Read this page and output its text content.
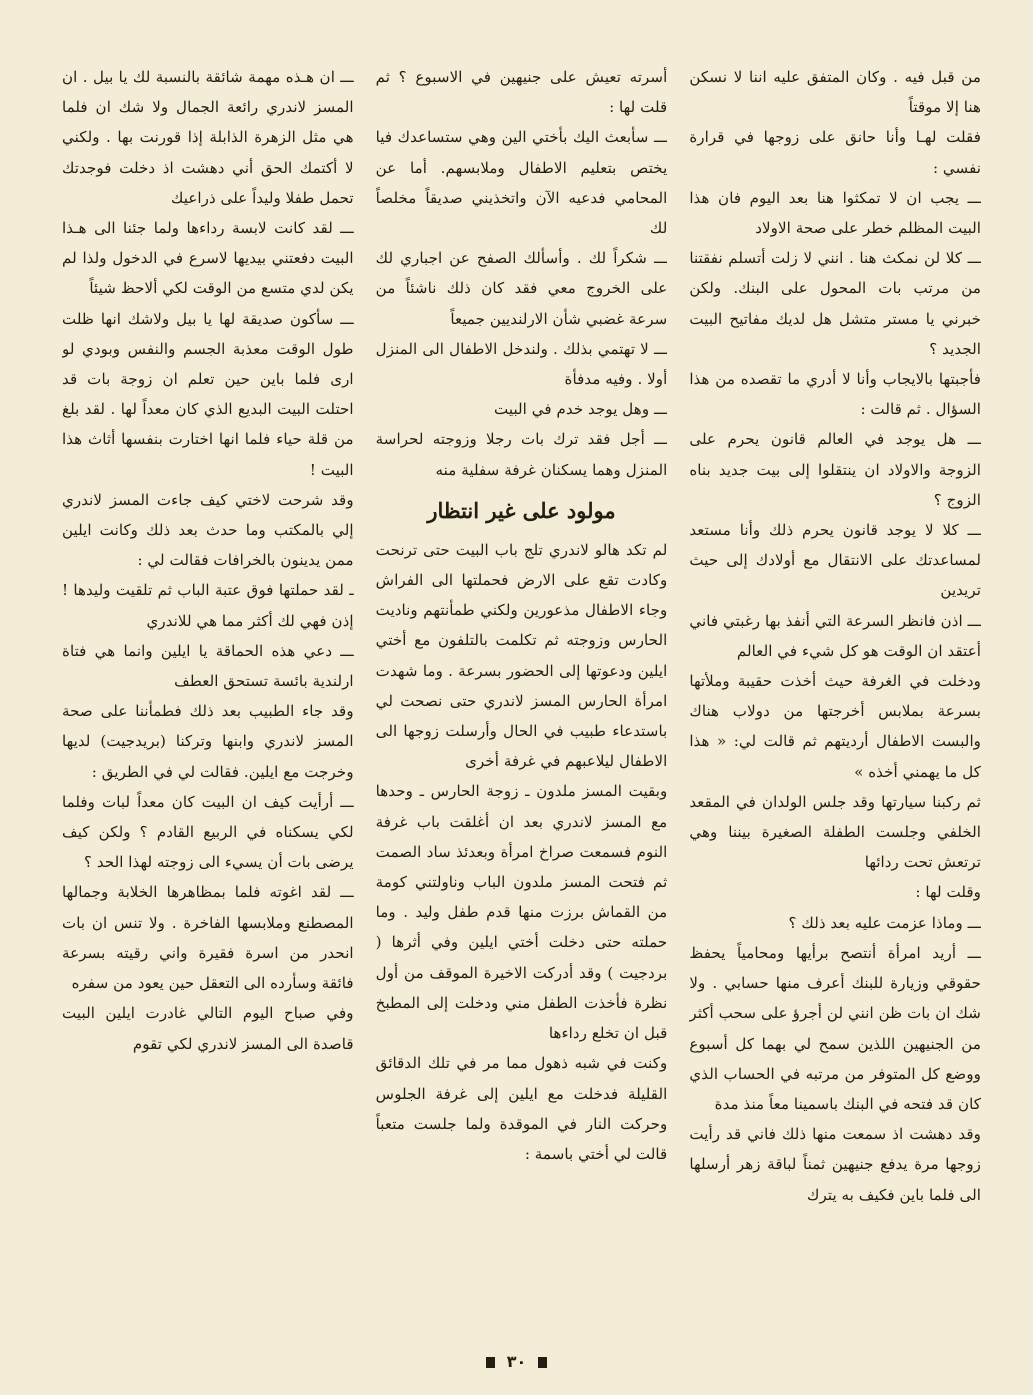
من قبل فيه . وكان المتفق عليه اننا لا نسكن هنا إلا موقتاً

فقلت لهـا وأنا حانق على زوجها في قرارة نفسي :

ـــ يجب ان لا تمكثوا هنا بعد اليوم فان هذا البيت المظلم خطر على صحة الاولاد

ـــ كلا لن نمكث هنا . انني لا زلت أتسلم نفقتنا من مرتب بات المحول على البنك. ولكن خبرني يا مستر متشل هل لديك مفاتيح البيت الجديد ؟

فأجبتها بالايجاب وأنا لا أدري ما تقصده من هذا السؤال . ثم قالت :

ـــ هل يوجد في العالم قانون يحرم على الزوجة والاولاد ان ينتقلوا إلى بيت جديد بناه الزوج ؟

ـــ كلا لا يوجد قانون يحرم ذلك وأنا مستعد لمساعدتك على الانتقال مع أولادك إلى حيث تريدين

ـــ اذن فانظر السرعة التي أنفذ بها رغبتي فاني أعتقد ان الوقت هو كل شيء في العالم

ودخلت في الغرفة حيث أخذت حقيبة وملأتها بسرعة بملابس أخرجتها من دولاب هناك والبست الاطفال أرديتهم ثم قالت لي: « هذا كل ما يهمني أخذه »

ثم ركبنا سيارتها وقد جلس الولدان في المقعد الخلفي وجلست الطفلة الصغيرة بيننا وهي ترتعش تحت ردائها

وقلت لها :

ـــ وماذا عزمت عليه بعد ذلك ؟

ـــ أريد امرأة أنتصح برأيها ومحامياً يحفظ حقوقي وزيارة للبنك أعرف منها حسابي . ولا شك ان بات ظن انني لن أجرؤ على سحب أكثر من الجنيهين اللذين سمح لي بهما كل أسبوع ووضع كل المتوفر من مرتبه في الحساب الذي كان قد فتحه في البنك باسمينا معاً منذ مدة

وقد دهشت اذ سمعت منها ذلك فاني قد رأيت زوجها مرة يدفع جنيهين ثمناً لباقة زهر أرسلها الى فلما باين فكيف به يترك

أسرته تعيش على جنيهين في الاسبوع ؟ ثم قلت لها :

ـــ سأبعث اليك بأختي الين وهي ستساعدك فيا يختص بتعليم الاطفال وملابسهم. أما عن المحامي فدعيه الآن واتخذيني صديقاً مخلصاً لك

ـــ شكراً لك . وأسألك الصفح عن اجباري لك على الخروج معي فقد كان ذلك ناشئاً من سرعة غضبي شأن الارلنديين جميعاً

ـــ لا تهتمي بذلك . ولندخل الاطفال الى المنزل أولا . وفيه مدفأة

ـــ وهل يوجد خدم في البيت

ـــ أجل فقد ترك بات رجلا وزوجته لحراسة المنزل وهما يسكنان غرفة سفلية منه

مولود على غير انتظار

لم تكد هالو لاندري تلج باب البيت حتى ترنحت وكادت تقع على الارض فحملتها الى الفراش وجاء الاطفال مذعورين ولكني طمأنتهم وناديت الحارس وزوجته ثم تكلمت بالتلفون مع أختي ايلين ودعوتها إلى الحضور بسرعة . وما شهدت امرأة الحارس المسز لاندري حتى نصحت لي باستدعاء طبيب في الحال وأرسلت زوجها الى الاطفال ليلاعبهم في غرفة أخرى

وبقيت المسز ملدون ـ زوجة الحارس ـ وحدها مع المسز لاندري بعد ان أغلقت باب غرفة النوم فسمعت صراخ امرأة وبعدئذ ساد الصمت ثم فتحت المسز ملدون الباب وناولتني كومة من القماش برزت منها قدم طفل وليد . وما حملته حتى دخلت أختي ايلين وفي أثرها ( بردجيت ) وقد أدركت الاخيرة الموقف من أول نظرة فأخذت الطفل مني ودخلت إلى المطبخ قبل ان تخلع رداءها

وكنت في شبه ذهول مما مر في تلك الدقائق القليلة فدخلت مع ايلين إلى غرفة الجلوس وحركت النار في الموقدة ولما جلست متعباً قالت لي أختي باسمة :

ـــ ان هـذه مهمة شائقة بالنسبة لك يا بيل . ان المسز لاندري رائعة الجمال ولا شك ان فلما هي مثل الزهرة الذابلة إذا قورنت بها . ولكني لا أكتمك الحق أني دهشت اذ دخلت فوجدتك تحمل طفلا وليداً على ذراعيك

ـــ لقد كانت لابسة رداءها ولما جئنا الى هـذا البيت دفعتني بيديها لاسرع في الدخول ولذا لم يكن لدي متسع من الوقت لكي ألاحظ شيئاً

ـــ سأكون صديقة لها يا بيل ولاشك انها ظلت طول الوقت معذبة الجسم والنفس وبودي لو ارى فلما باين حين تعلم ان زوجة بات قد احتلت البيت البديع الذي كان معداً لها . لقد بلغ من قلة حياء فلما انها اختارت بنفسها أثاث هذا البيت !

وقد شرحت لاختي كيف جاءت المسز لاندري إلي بالمكتب وما حدث بعد ذلك وكانت ايلين ممن يدينون بالخرافات فقالت لي :

ـ لقد حملتها فوق عتبة الباب ثم تلقيت وليدها ! إذن فهي لك أكثر مما هي للاندري

ـــ دعي هذه الحماقة يا ايلين وانما هي فتاة ارلندية بائسة تستحق العطف

وقد جاء الطبيب بعد ذلك فطمأننا على صحة المسز لاندري وابنها وتركنا (بريدجيت) لديها وخرجت مع ايلين. فقالت لي في الطريق :

ـــ أرأيت كيف ان البيت كان معداً لبات وفلما لكي يسكناه في الربيع القادم ؟ ولكن كيف يرضى بات أن يسيء الى زوجته لهذا الحد ؟

ـــ لقد اغوته فلما بمظاهرها الخلابة وجمالها المصطنع وملابسها الفاخرة . ولا تنس ان بات انحدر من اسرة فقيرة واني رقيته بسرعة فائقة وسأرده الى التعقل حين يعود من سفره

وفي صباح اليوم التالي غادرت ايلين البيت قاصدة الى المسز لاندري لكي تقوم

٣٠
